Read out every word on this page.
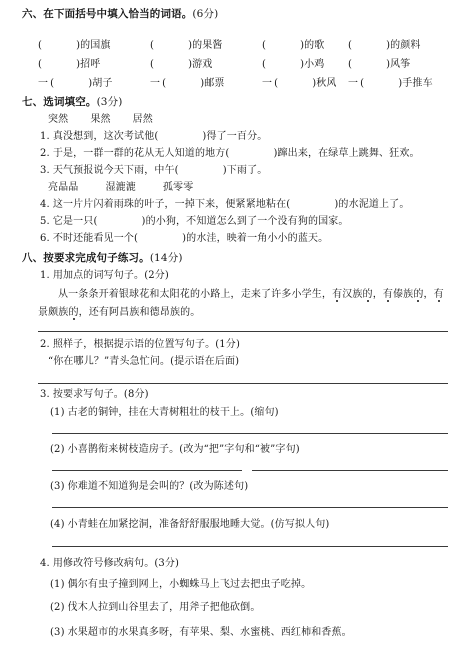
六、在下面括号中填入恰当的词语。(6分)
(	)的国旗	(	)的果酱	(	)的歌 (	)的颜料
(	)招呼	(	)游戏	(	)小鸡 (	)风筝
一 (	)胡子	一 (	)邮票	一 (	)秋风 一 (	)手推车
七、选词填空。(3分)
突然 果然 居然
1. 真没想到，这次考试他(	)得了一百分。
2. 于是，一群一群的花从无人知道的地方(	)蹿出来，在绿草上跳舞、狂欢。
3. 天气预报说今天下雨，中午(	)下雨了。
亮晶晶	湿漉漉	孤零零
4. 这一片片闪着雨珠的叶子，一掉下来，便紧紧地粘在(	)的水泥道上了。
5. 它是一只(	)的小狗，不知道怎么到了一个没有狗的国家。
6. 不时还能看见一个(	)的水洼，映着一角小小的蓝天。
八、按要求完成句子练习。(14分)
1. 用加点的词写句子。(2分)
从一条条开着银球花和太阳花的小路上，走来了许多小学生，有汉族的，有傣族的，有景颇族的，还有阿昌族和德昂族的。
2. 照样子，根据提示语的位置写句子。(1分)
“你在哪儿？”青头急忙问。(提示语在后面)
3. 按要求写句子。(8分)
(1) 古老的铜钟，挂在大青树粗壮的枝干上。(缩句)
(2) 小喜鹊衔来树枝造房子。(改为“把”字句和“被”字句)
(3) 你难道不知道狗是会叫的？(改为陈述句)
(4) 小青蛙在加紧挖洞，准备舒舒服服地睡大觉。(仿写拟人句)
4. 用修改符号修改病句。(3分)
(1) 偶尔有虫子撞到网上，小蜘蛛马上飞过去把虫子吃掉。
(2) 伐木人拉到山谷里去了，用斧子把他砍倒。
(3) 水果超市的水果真多呀，有苹果、梨、水蜜桃、西红柿和香蕉。
